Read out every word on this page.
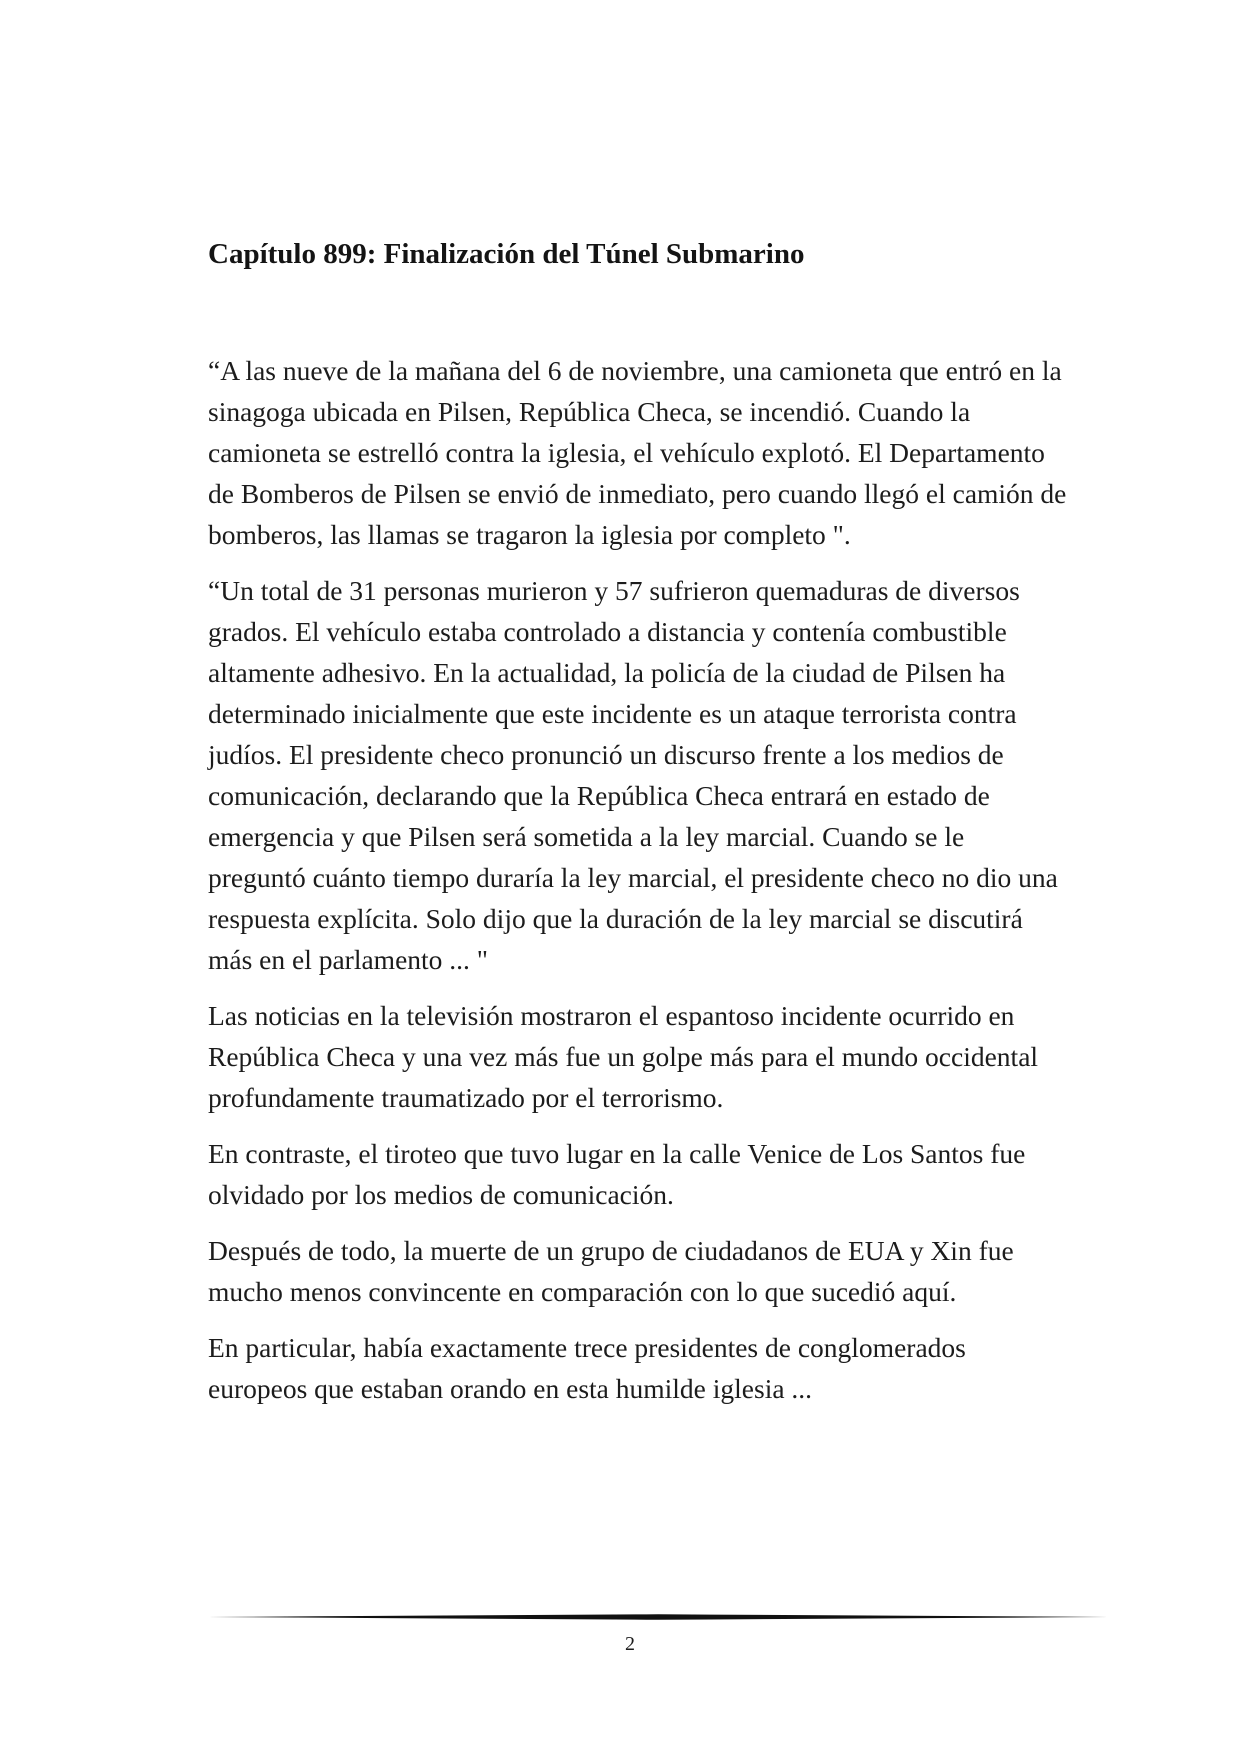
Capítulo 899: Finalización del Túnel Submarino

“A las nueve de la mañana del 6 de noviembre, una camioneta que entró en la sinagoga ubicada en Pilsen, República Checa, se incendió. Cuando la camioneta se estrelló contra la iglesia, el vehículo explotó. El Departamento de Bomberos de Pilsen se envió de inmediato, pero cuando llegó el camión de bomberos, las llamas se tragaron la iglesia por completo ".

“Un total de 31 personas murieron y 57 sufrieron quemaduras de diversos grados. El vehículo estaba controlado a distancia y contenía combustible altamente adhesivo. En la actualidad, la policía de la ciudad de Pilsen ha determinado inicialmente que este incidente es un ataque terrorista contra judíos. El presidente checo pronunció un discurso frente a los medios de comunicación, declarando que la República Checa entrará en estado de emergencia y que Pilsen será sometida a la ley marcial. Cuando se le preguntó cuánto tiempo duraría la ley marcial, el presidente checo no dio una respuesta explícita. Solo dijo que la duración de la ley marcial se discutirá más en el parlamento ... "

Las noticias en la televisión mostraron el espantoso incidente ocurrido en República Checa y una vez más fue un golpe más para el mundo occidental profundamente traumatizado por el terrorismo.

En contraste, el tiroteo que tuvo lugar en la calle Venice de Los Santos fue olvidado por los medios de comunicación.

Después de todo, la muerte de un grupo de ciudadanos de EUA y Xin fue mucho menos convincente en comparación con lo que sucedió aquí.

En particular, había exactamente trece presidentes de conglomerados europeos que estaban orando en esta humilde iglesia ...

2
